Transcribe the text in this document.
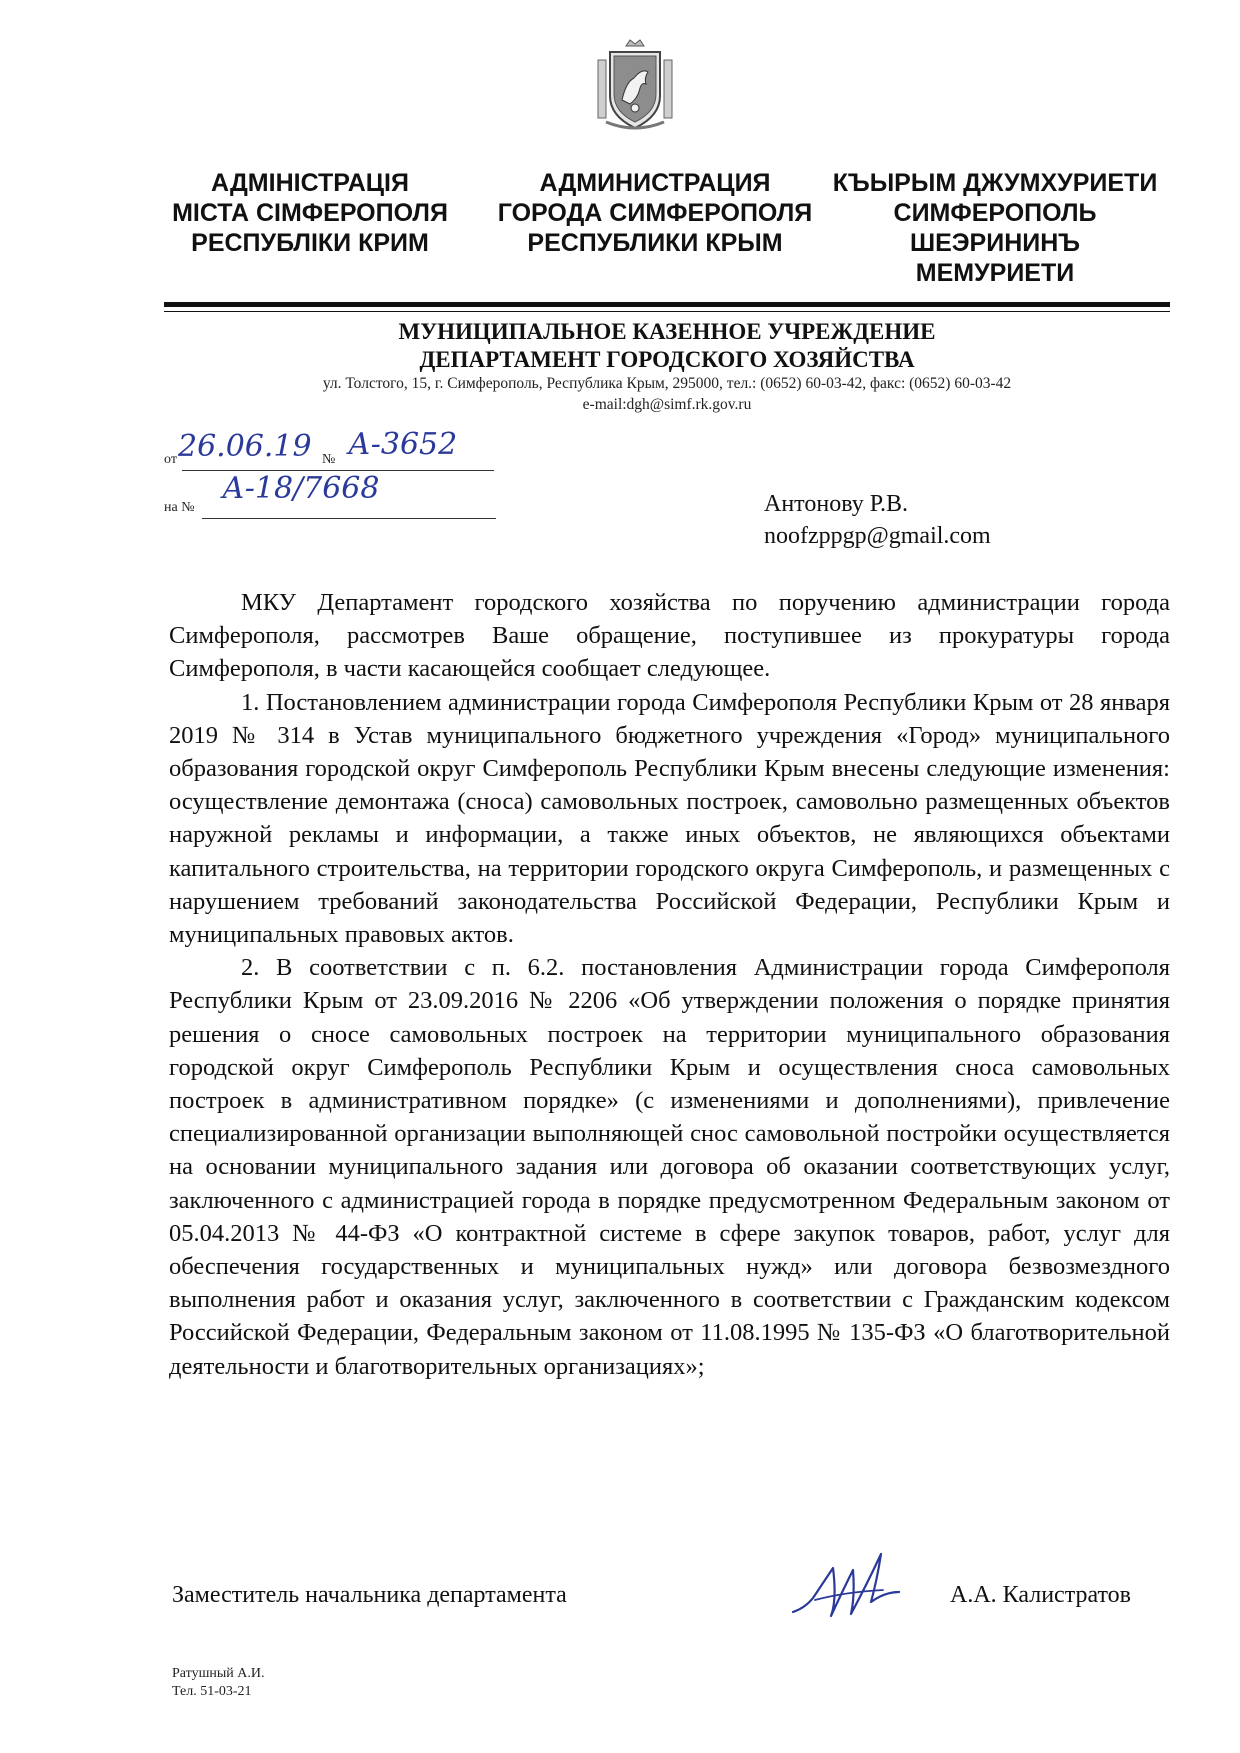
АДМІНІСТРАЦІЯ
МІСТА СІМФЕРОПОЛЯ
РЕСПУБЛІКИ КРИМ
АДМИНИСТРАЦИЯ
ГОРОДА СИМФЕРОПОЛЯ
РЕСПУБЛИКИ КРЫМ
КЪЫРЫМ ДЖУМХУРИЕТИ
СИМФЕРОПОЛЬ
ШЕЭРИНИНЪ
МЕМУРИЕТИ
МУНИЦИПАЛЬНОЕ КАЗЕННОЕ УЧРЕЖДЕНИЕ
ДЕПАРТАМЕНТ ГОРОДСКОГО ХОЗЯЙСТВА
ул. Толстого, 15, г. Симферополь, Республика Крым, 295000, тел.: (0652) 60-03-42, факс: (0652) 60-03-42
e-mail:dgh@simf.rk.gov.ru
от 26.06.19 № А-3652
на №
А-18/7668	Антонову Р.В.
noofzppgp@gmail.com

МКУ Департамент городского хозяйства по поручению администрации города Симферополя, рассмотрев Ваше обращение, поступившее из прокуратуры города Симферополя, в части касающейся сообщает следующее.

1. Постановлением администрации города Симферополя Республики Крым от 28 января 2019 № 314 в Устав муниципального бюджетного учреждения «Город» муниципального образования городской округ Симферополь Республики Крым внесены следующие изменения: осуществление демонтажа (сноса) самовольных построек, самовольно размещенных объектов наружной рекламы и информации, а также иных объектов, не являющихся объектами капитального строительства, на территории городского округа Симферополь, и размещенных с нарушением требований законодательства Российской Федерации, Республики Крым и муниципальных правовых актов.

2. В соответствии с п. 6.2. постановления Администрации города Симферополя Республики Крым от 23.09.2016 № 2206 «Об утверждении положения о порядке принятия решения о сносе самовольных построек на территории муниципального образования городской округ Симферополь Республики Крым и осуществления сноса самовольных построек в административном порядке» (с изменениями и дополнениями), привлечение специализированной организации выполняющей снос самовольной постройки осуществляется на основании муниципального задания или договора об оказании соответствующих услуг, заключенного с администрацией города в порядке предусмотренном Федеральным законом от 05.04.2013 № 44-ФЗ «О контрактной системе в сфере закупок товаров, работ, услуг для обеспечения государственных и муниципальных нужд» или договора безвозмездного выполнения работ и оказания услуг, заключенного в соответствии с Гражданским кодексом Российской Федерации, Федеральным законом от 11.08.1995 № 135-ФЗ «О благотворительной деятельности и благотворительных организациях»;

Заместитель начальника департамента	А.А. Калистратов
Ратушный А.И.
Тел. 51-03-21
